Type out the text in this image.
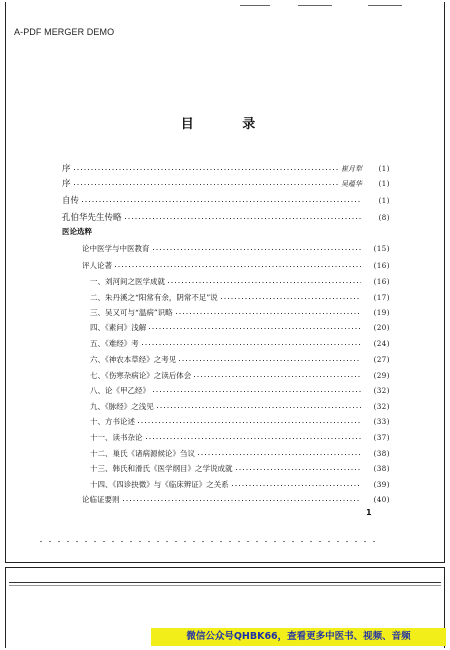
A-PDF MERGER DEMO
目 录
序	崔月犁	(1)
序	吴蕴华	(1)
自传	(1)
孔伯华先生传略	(8)
医论选粹
论中医学与中医教育	(15)
评人论著	(16)
一、刘河间之医学成就	(16)
二、朱丹溪之“阳常有余，阴常不足”说	(17)
三、吴又可与“温病”识略	(19)
四、《素问》浅解	(20)
五、《难经》考	(24)
六、《神农本草经》之考见	(27)
七、《伤寒杂病论》之读后体会	(29)
八、论《甲乙经》	(32)
九、《脉经》之浅见	(32)
十、方书论述	(33)
十一、读书杂论	(37)
十二、巢氏《诸病源候论》刍议	(38)
十三、韩氏和滑氏《医学纲目》之学说成就	(38)
十四、《四诊抉微》与《临床辨证》之关系	(39)
论临证要则	(40)
1
微信公众号QHBK66，查看更多中医书、视频、音频
